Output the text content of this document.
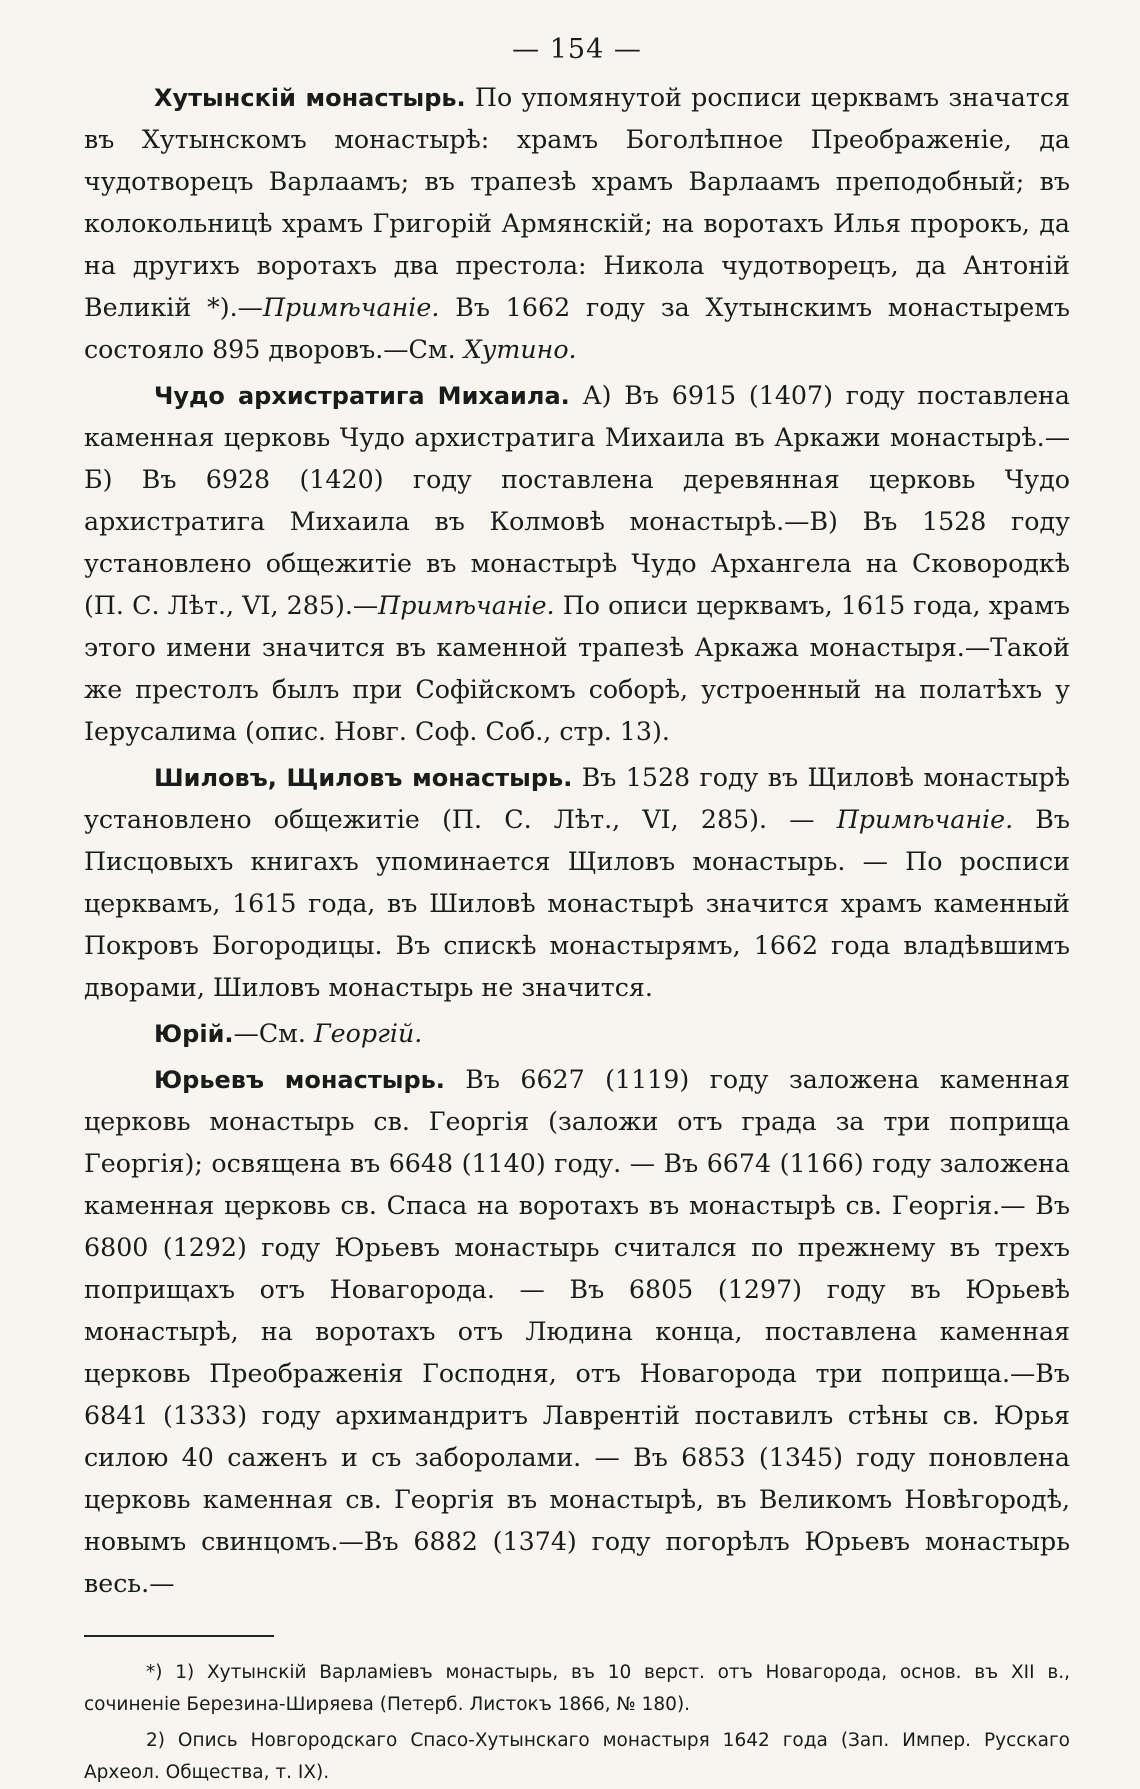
— 154 —

Хутынскій монастырь. По упомянутой росписи церквамъ значатся въ Хутынскомъ монастырѣ: храмъ Боголѣпное Преображеніе, да чудотворецъ Варлаамъ; въ трапезѣ храмъ Варлаамъ преподобный; въ колокольницѣ храмъ Григорій Армянскій; на воротахъ Илья пророкъ, да на другихъ воротахъ два престола: Никола чудотворецъ, да Антоній Великій *).—Примѣчаніе. Въ 1662 году за Хутынскимъ монастыремъ состояло 895 дворовъ.—См. Хутино.

Чудо архистратига Михаила. А) Въ 6915 (1407) году поставлена каменная церковь Чудо архистратига Михаила въ Аркажи монастырѣ.—Б) Въ 6928 (1420) году поставлена деревянная церковь Чудо архистратига Михаила въ Колмовѣ монастырѣ.—В) Въ 1528 году установлено общежитіе въ монастырѣ Чудо Архангела на Сковородкѣ (П. С. Лѣт., VI, 285).—Примѣчаніе. По описи церквамъ, 1615 года, храмъ этого имени значится въ каменной трапезѣ Аркажа монастыря.—Такой же престолъ былъ при Софійскомъ соборѣ, устроенный на полатѣхъ у Іерусалима (опис. Новг. Соф. Соб., стр. 13).

Шиловъ, Щиловъ монастырь. Въ 1528 году въ Щиловѣ монастырѣ установлено общежитіе (П. С. Лѣт., VI, 285). — Примѣчаніе. Въ Писцовыхъ книгахъ упоминается Щиловъ монастырь. — По росписи церквамъ, 1615 года, въ Шиловѣ монастырѣ значится храмъ каменный Покровъ Богородицы. Въ спискѣ монастырямъ, 1662 года владѣвшимъ дворами, Шиловъ монастырь не значится.

Юрій.—См. Георгій.

Юрьевъ монастырь. Въ 6627 (1119) году заложена каменная церковь монастырь св. Георгія (заложи отъ града за три поприща Георгія); освящена въ 6648 (1140) году. — Въ 6674 (1166) году заложена каменная церковь св. Спаса на воротахъ въ монастырѣ св. Георгія.— Въ 6800 (1292) году Юрьевъ монастырь считался по прежнему въ трехъ поприщахъ отъ Новагорода. — Въ 6805 (1297) году въ Юрьевѣ монастырѣ, на воротахъ отъ Людина конца, поставлена каменная церковь Преображенія Господня, отъ Новагорода три поприща.—Въ 6841 (1333) году архимандритъ Лаврентій поставилъ стѣны св. Юрья силою 40 саженъ и съ заборолами. — Въ 6853 (1345) году поновлена церковь каменная св. Георгія въ монастырѣ, въ Великомъ Новѣгородѣ, новымъ свинцомъ.—Въ 6882 (1374) году погорѣлъ Юрьевъ монастырь весь.—

*) 1) Хутынскій Варламіевъ монастырь, въ 10 верст. отъ Новагорода, основ. въ XII в., сочиненіе Березина-Ширяева (Петерб. Листокъ 1866, № 180).

2) Опись Новгородскаго Спасо-Хутынскаго монастыря 1642 года (Зап. Импер. Русскаго Археол. Общества, т. IX).
